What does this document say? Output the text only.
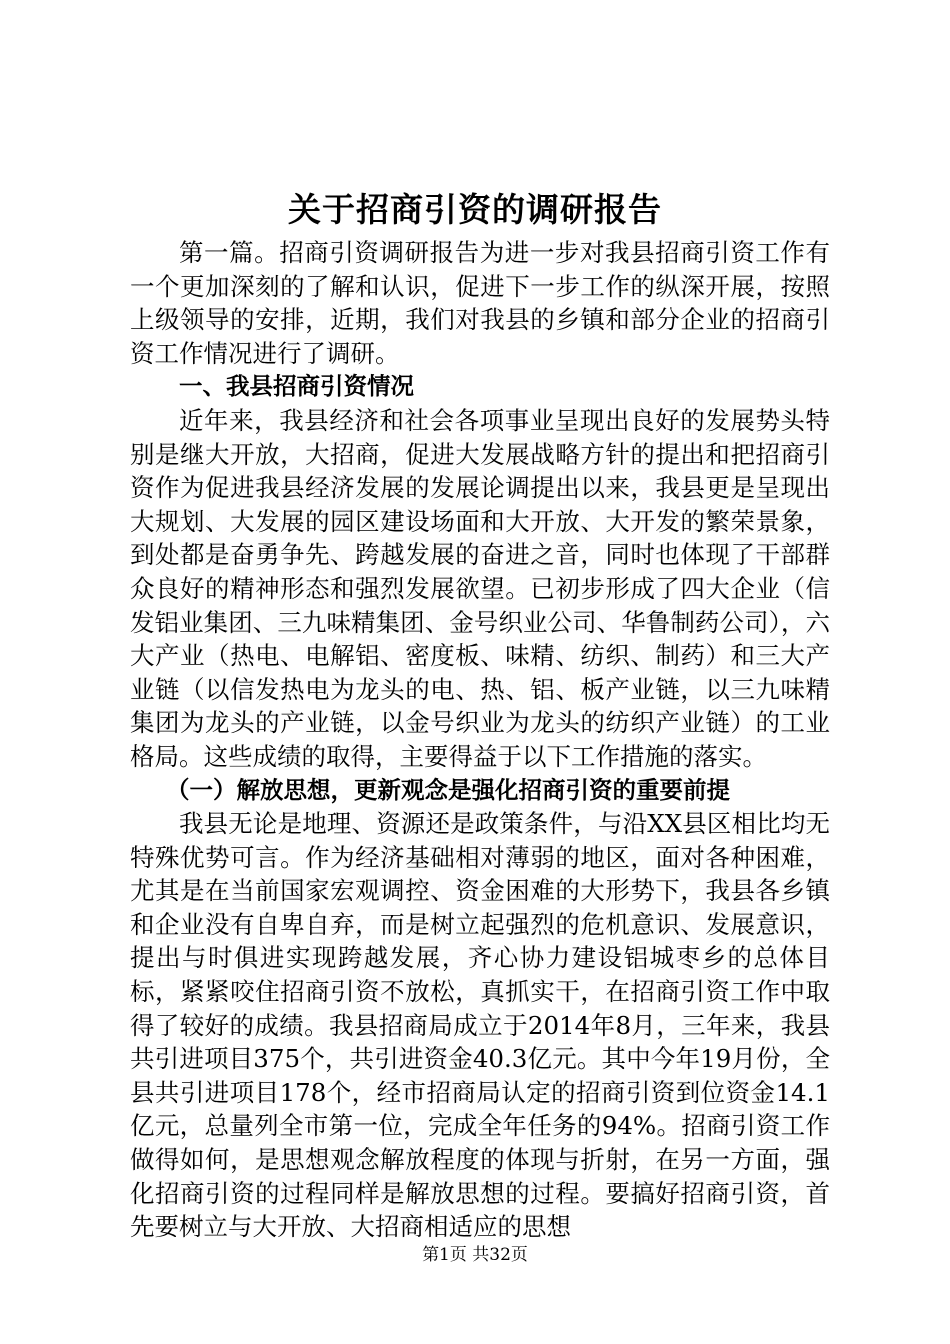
关于招商引资的调研报告

第一篇。招商引资调研报告为进一步对我县招商引资工作有一个更加深刻的了解和认识，促进下一步工作的纵深开展，按照上级领导的安排，近期，我们对我县的乡镇和部分企业的招商引资工作情况进行了调研。

一、我县招商引资情况

近年来，我县经济和社会各项事业呈现出良好的发展势头特别是继大开放，大招商，促进大发展战略方针的提出和把招商引资作为促进我县经济发展的发展论调提出以来，我县更是呈现出大规划、大发展的园区建设场面和大开放、大开发的繁荣景象，到处都是奋勇争先、跨越发展的奋进之音，同时也体现了干部群众良好的精神形态和强烈发展欲望。已初步形成了四大企业（信发铝业集团、三九味精集团、金号织业公司、华鲁制药公司），六大产业（热电、电解铝、密度板、味精、纺织、制药）和三大产业链（以信发热电为龙头的电、热、铝、板产业链，以三九味精集团为龙头的产业链，以金号织业为龙头的纺织产业链）的工业格局。这些成绩的取得，主要得益于以下工作措施的落实。

（一）解放思想，更新观念是强化招商引资的重要前提

我县无论是地理、资源还是政策条件，与沿XX县区相比均无特殊优势可言。作为经济基础相对薄弱的地区，面对各种困难，尤其是在当前国家宏观调控、资金困难的大形势下，我县各乡镇和企业没有自卑自弃，而是树立起强烈的危机意识、发展意识，提出与时俱进实现跨越发展，齐心协力建设铝城枣乡的总体目标，紧紧咬住招商引资不放松，真抓实干，在招商引资工作中取得了较好的成绩。我县招商局成立于2014年8月，三年来，我县共引进项目375个，共引进资金40.3亿元。其中今年19月份，全县共引进项目178个，经市招商局认定的招商引资到位资金14.1亿元，总量列全市第一位，完成全年任务的94%。招商引资工作做得如何，是思想观念解放程度的体现与折射，在另一方面，强化招商引资的过程同样是解放思想的过程。要搞好招商引资，首先要树立与大开放、大招商相适应的思想

第1页 共32页
